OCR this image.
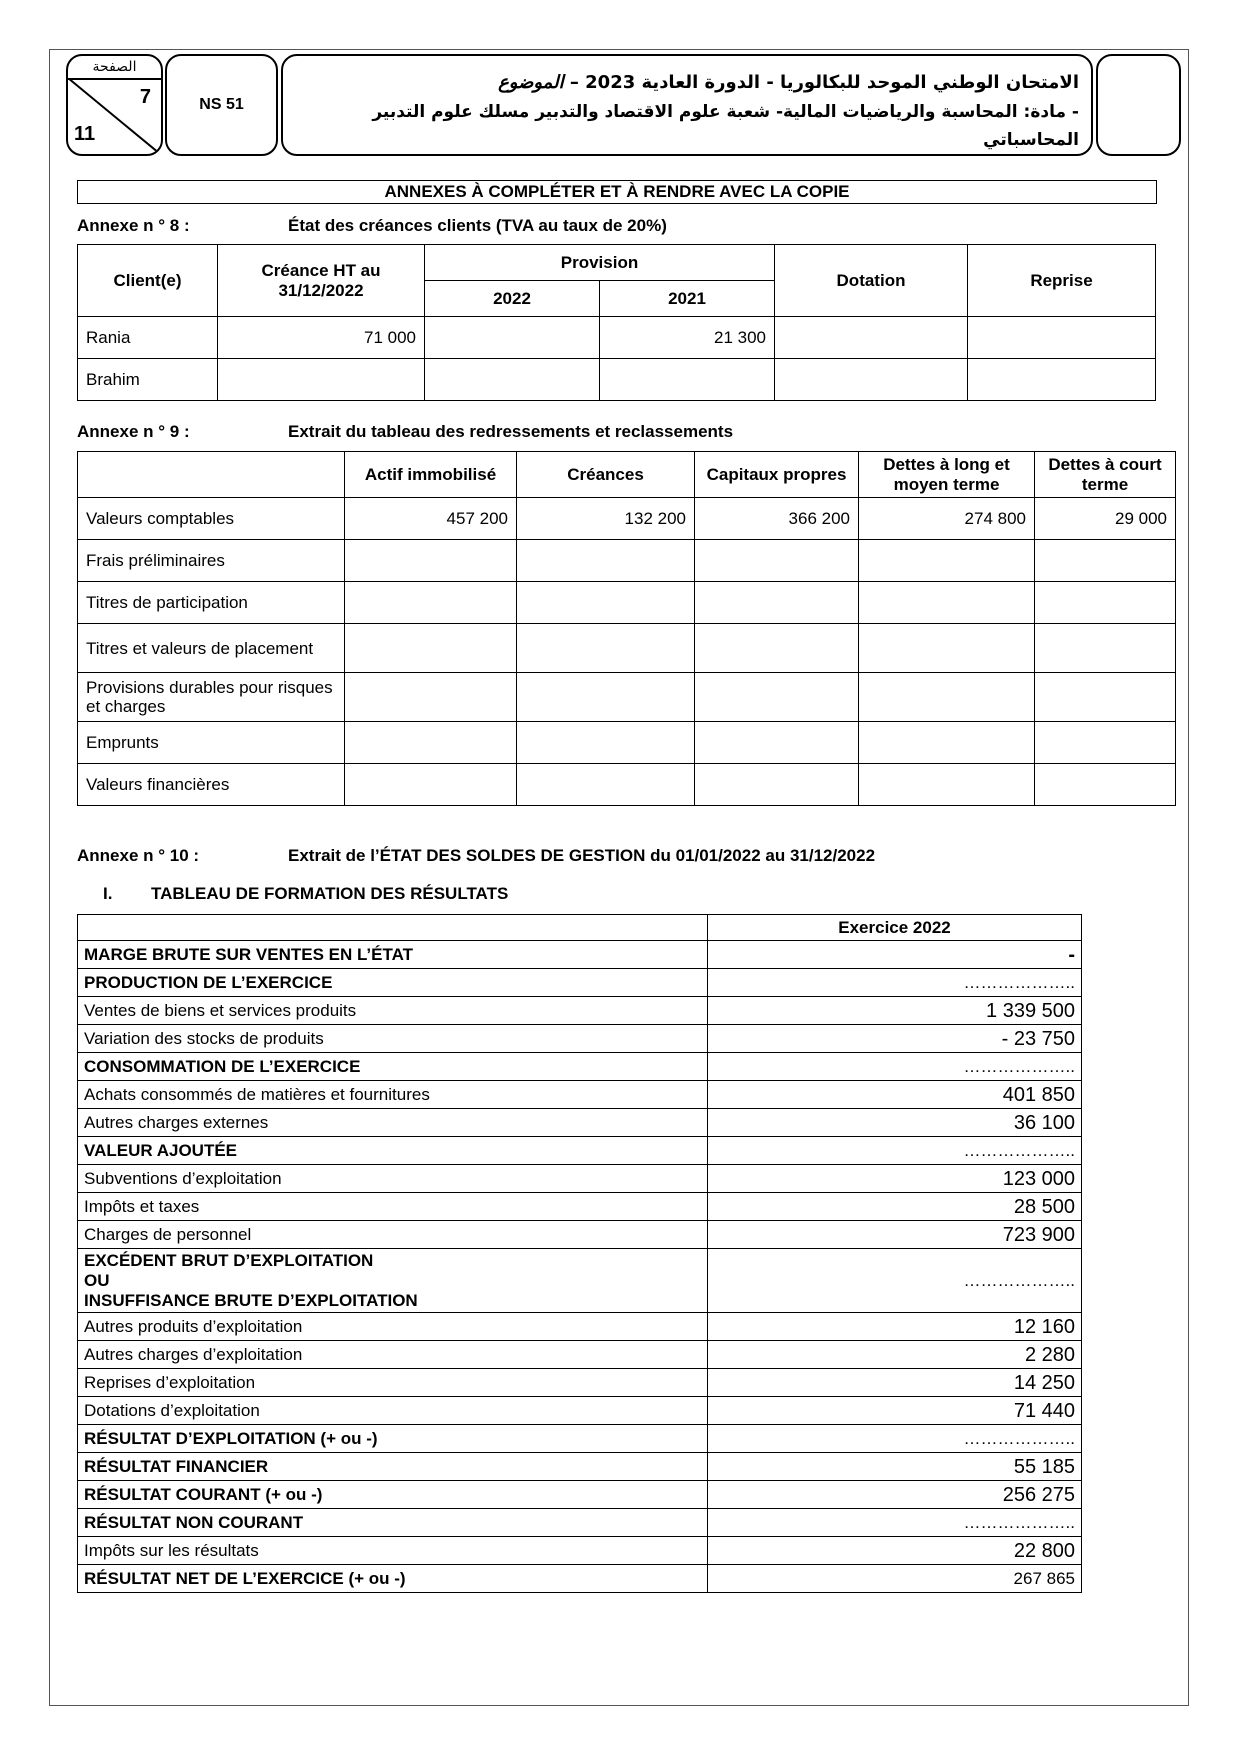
الصفحة
7
11
NS 51
الامتحان الوطني الموحد للبكالوريا - الدورة العادية 2023 – الموضوع
- مادة: المحاسبة والرياضيات المالية- شعبة علوم الاقتصاد والتدبير مسلك علوم التدبير المحاسباتي
ANNEXES À COMPLÉTER ET À RENDRE AVEC LA COPIE
Annexe n ° 8 :	État des créances clients (TVA au taux de 20%)
Client(e)	Créance HT au 31/12/2022	Provision		Dotation	Reprise
		2022	2021		
Rania	71 000		21 300		
Brahim					
Annexe n ° 9 :	Extrait du tableau des redressements et reclassements
	Actif immobilisé	Créances	Capitaux propres	Dettes à long et moyen terme	Dettes à court terme
Valeurs comptables	457 200	132 200	366 200	274 800	29 000
Frais préliminaires					
Titres de participation					
Titres et valeurs de placement					
Provisions durables pour risques et charges					
Emprunts					
Valeurs financières					
Annexe n ° 10 :	Extrait de l’ÉTAT DES SOLDES DE GESTION du 01/01/2022 au 31/12/2022
I. TABLEAU DE FORMATION DES RÉSULTATS
	Exercice 2022
MARGE BRUTE SUR VENTES EN L’ÉTAT	-
PRODUCTION DE L’EXERCICE	………………..
Ventes de biens et services produits	1 339 500
Variation des stocks de produits	- 23 750
CONSOMMATION DE L’EXERCICE	………………..
Achats consommés de matières et fournitures	401 850
Autres charges externes	36 100
VALEUR AJOUTÉE	………………..
Subventions d’exploitation	123 000
Impôts et taxes	28 500
Charges de personnel	723 900
EXCÉDENT BRUT D’EXPLOITATION
OU
INSUFFISANCE BRUTE D’EXPLOITATION	………………..
Autres produits d’exploitation	12 160
Autres charges d’exploitation	2 280
Reprises d’exploitation	14 250
Dotations d’exploitation	71 440
RÉSULTAT D’EXPLOITATION (+ ou -)	………………..
RÉSULTAT FINANCIER	55 185
RÉSULTAT COURANT (+ ou -)	256 275
RÉSULTAT NON COURANT	………………..
Impôts sur les résultats	22 800
RÉSULTAT NET DE L’EXERCICE (+ ou -)	267 865
